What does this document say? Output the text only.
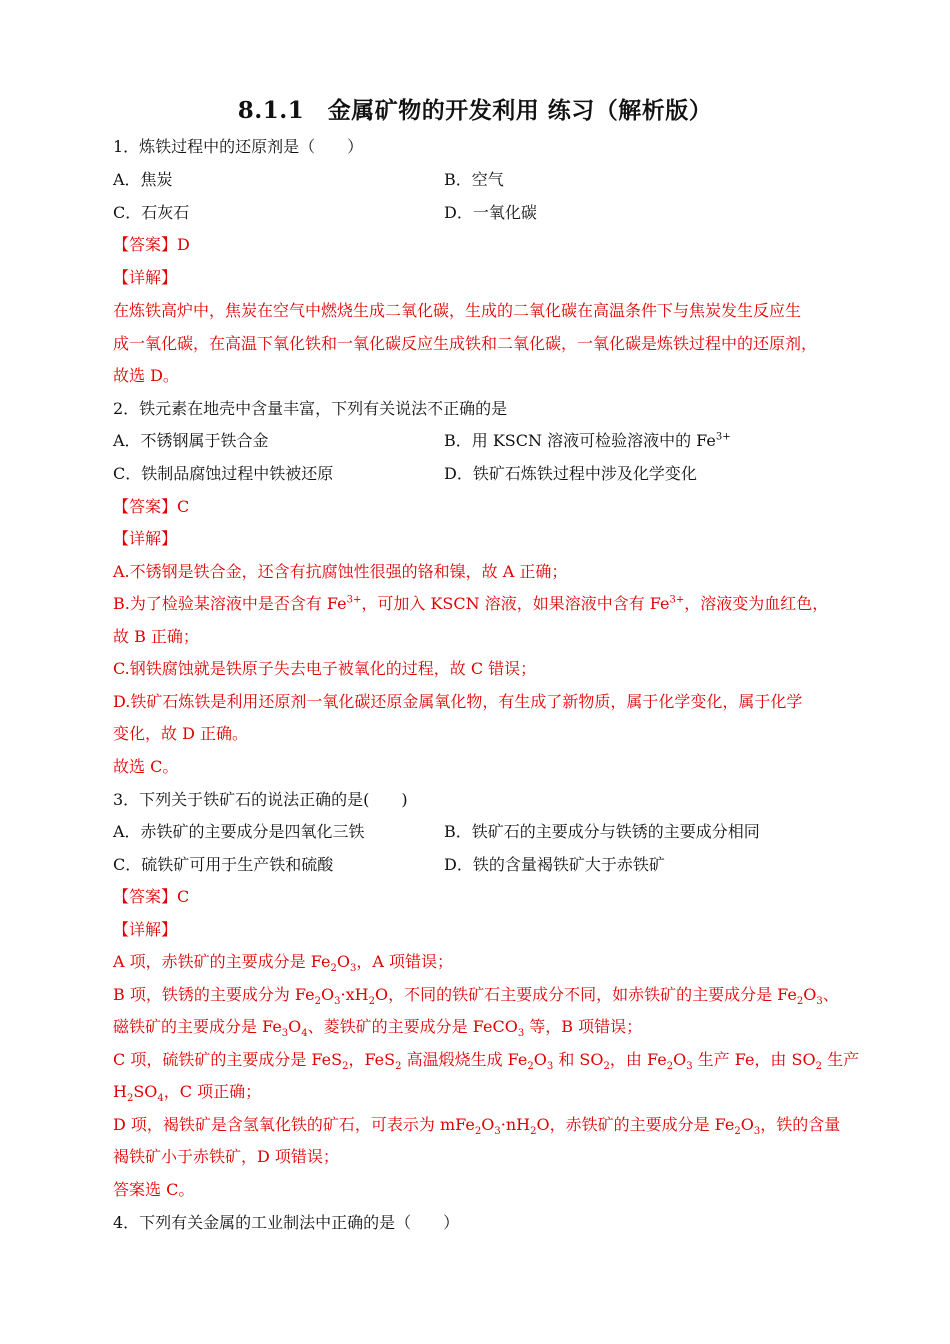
8.1.1　金属矿物的开发利用 练习（解析版）
1．炼铁过程中的还原剂是（　　）
A．焦炭	B．空气
C．石灰石	D．一氧化碳
【答案】D
【详解】
在炼铁高炉中，焦炭在空气中燃烧生成二氧化碳，生成的二氧化碳在高温条件下与焦炭发生反应生
成一氧化碳，在高温下氧化铁和一氧化碳反应生成铁和二氧化碳，一氧化碳是炼铁过程中的还原剂，
故选 D。
2．铁元素在地壳中含量丰富，下列有关说法不正确的是
A．不锈钢属于铁合金	B．用 KSCN 溶液可检验溶液中的 $Fe^{3+}$
C．铁制品腐蚀过程中铁被还原	D．铁矿石炼铁过程中涉及化学变化
【答案】C
【详解】
A.不锈钢是铁合金，还含有抗腐蚀性很强的铬和镍，故 A 正确；
B.为了检验某溶液中是否含有 $Fe^{3+}$，可加入 KSCN 溶液，如果溶液中含有 $Fe^{3+}$，溶液变为血红色，
故 B 正确；
C.钢铁腐蚀就是铁原子失去电子被氧化的过程，故 C 错误；
D.铁矿石炼铁是利用还原剂一氧化碳还原金属氧化物，有生成了新物质，属于化学变化，属于化学
变化，故 D 正确。
故选 C。
3．下列关于铁矿石的说法正确的是(　　)
A．赤铁矿的主要成分是四氧化三铁	B．铁矿石的主要成分与铁锈的主要成分相同
C．硫铁矿可用于生产铁和硫酸	D．铁的含量褐铁矿大于赤铁矿
【答案】C
【详解】
A 项，赤铁矿的主要成分是 $Fe_2O_3$，A 项错误；
B 项，铁锈的主要成分为 $Fe_2O_3\cdot xH_2O$，不同的铁矿石主要成分不同，如赤铁矿的主要成分是 $Fe_2O_3$、
磁铁矿的主要成分是 $Fe_3O_4$、菱铁矿的主要成分是 FeCO$_3$ 等，B 项错误；
C 项，硫铁矿的主要成分是 FeS$_2$，FeS$_2$ 高温煅烧生成 $Fe_2O_3$ 和 $SO_2$，由 $Fe_2O_3$ 生产 Fe，由 $SO_2$ 生产
$H_2SO_4$，C 项正确；
D 项，褐铁矿是含氢氧化铁的矿石，可表示为 $mFe_2O_3\cdot nH_2O$，赤铁矿的主要成分是 $Fe_2O_3$，铁的含量
褐铁矿小于赤铁矿，D 项错误；
答案选 C。
4．下列有关金属的工业制法中正确的是（　　）
